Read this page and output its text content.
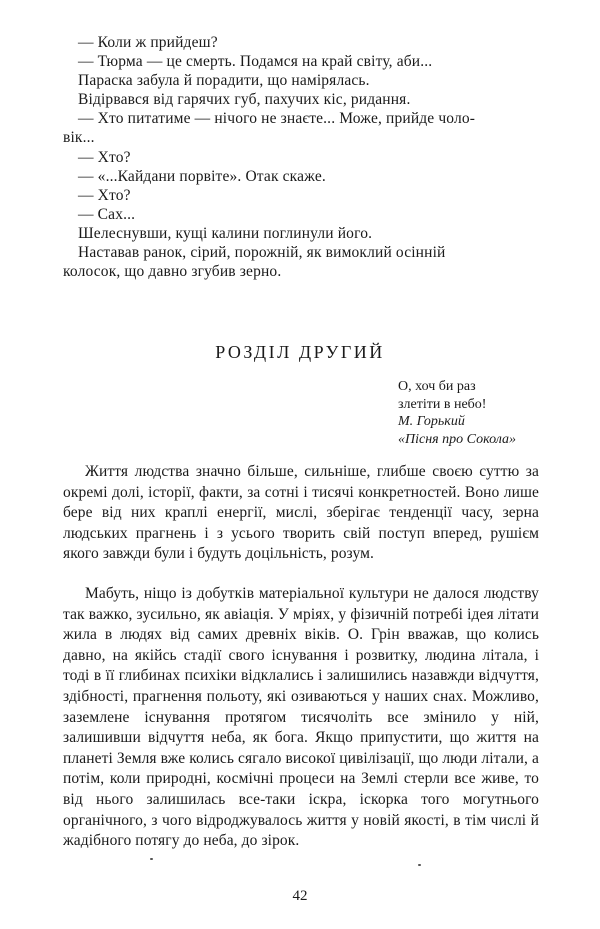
— Коли ж прийдеш?
— Тюрма — це смерть. Подамся на край світу, аби...
Параска забула й порадити, що намірялась.
Відірвався від гарячих губ, пахучих кіс, ридання.
— Хто питатиме — нічого не знаєте... Може, прийде чоло-
вік...
— Хто?
— «...Кайдани порвіте». Отак скаже.
— Хто?
— Сах...
Шелеснувши, кущі калини поглинули його.
Наставав ранок, сірий, порожній, як вимоклий осінній
колосок, що давно згубив зерно.
РОЗДІЛ ДРУГИЙ
О, хоч би раз
злетіти в небо!
М. Горький
«Пісня про Сокола»
Життя людства значно більше, сильніше, глибше своєю суттю за окремі долі, історії, факти, за сотні і тисячі конкретностей. Воно лише бере від них краплі енергії, мислі, зберігає тенденції часу, зерна людських прагнень і з усього творить свій поступ вперед, рушієм якого завжди були і будуть доцільність, розум.
Мабуть, ніщо із добутків матеріальної культури не далося людству так важко, зусильно, як авіація. У мріях, у фізичній потребі ідея літати жила в людях від самих древніх віків. О. Грін вважав, що колись давно, на якійсь стадії свого існування і розвитку, людина літала, і тоді в її глибинах психіки відклались і залишились назавжди відчуття, здібності, прагнення польоту, які озиваються у наших снах. Можливо, заземлене існування протягом тисячоліть все змінило у ній, залишивши відчуття неба, як бога. Якщо припустити, що життя на планеті Земля вже колись сягало високої цивілізації, що люди літали, а потім, коли природні, космічні процеси на Землі стерли все живе, то від нього залишилась все-таки іскра, іскорка того могутнього органічного, з чого відроджувалось життя у новій якості, в тім числі й жадібного потягу до неба, до зірок.
42
